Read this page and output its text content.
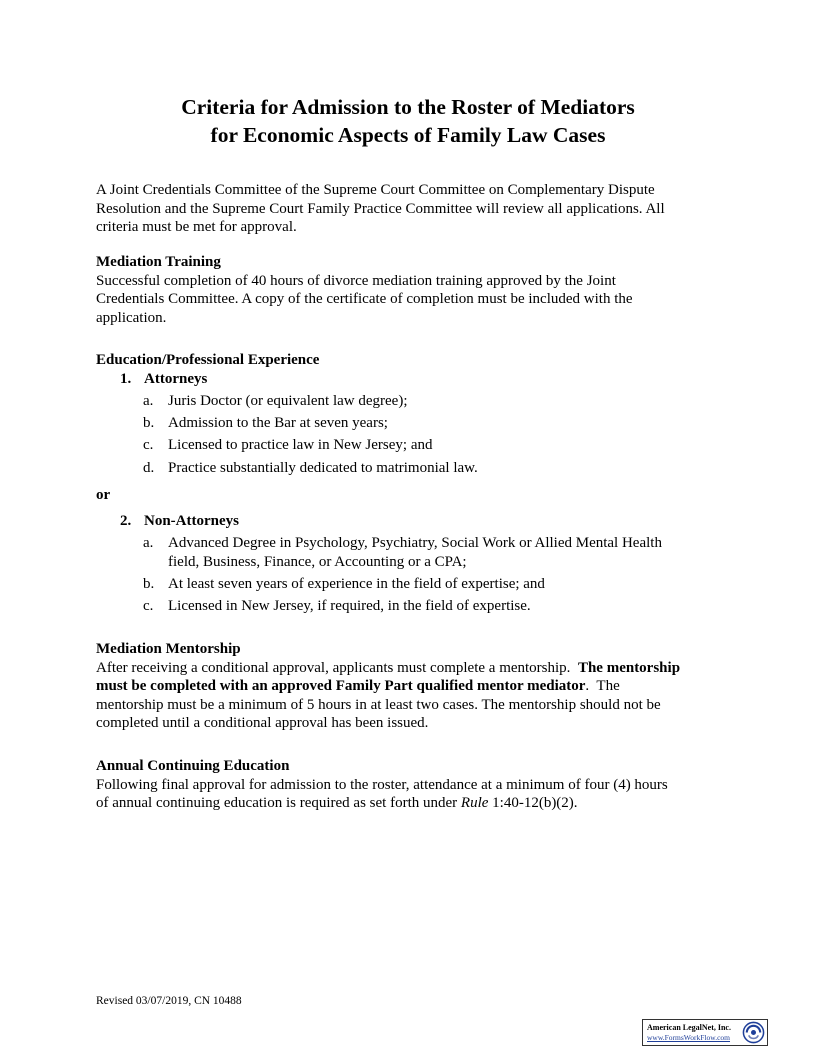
Criteria for Admission to the Roster of Mediators
for Economic Aspects of Family Law Cases
A Joint Credentials Committee of the Supreme Court Committee on Complementary Dispute
Resolution and the Supreme Court Family Practice Committee will review all applications. All
criteria must be met for approval.
Mediation Training
Successful completion of 40 hours of divorce mediation training approved by the Joint
Credentials Committee. A copy of the certificate of completion must be included with the
application.
Education/Professional Experience
1. Attorneys
a. Juris Doctor (or equivalent law degree);
b. Admission to the Bar at seven years;
c. Licensed to practice law in New Jersey; and
d. Practice substantially dedicated to matrimonial law.
or
2. Non-Attorneys
a. Advanced Degree in Psychology, Psychiatry, Social Work or Allied Mental Health
field, Business, Finance, or Accounting or a CPA;
b. At least seven years of experience in the field of expertise; and
c. Licensed in New Jersey, if required, in the field of expertise.
Mediation Mentorship
After receiving a conditional approval, applicants must complete a mentorship.  The mentorship
must be completed with an approved Family Part qualified mentor mediator.  The
mentorship must be a minimum of 5 hours in at least two cases. The mentorship should not be
completed until a conditional approval has been issued.
Annual Continuing Education
Following final approval for admission to the roster, attendance at a minimum of four (4) hours
of annual continuing education is required as set forth under Rule 1:40-12(b)(2).
Revised 03/07/2019, CN 10488
American LegalNet, Inc.
www.FormsWorkFlow.com
